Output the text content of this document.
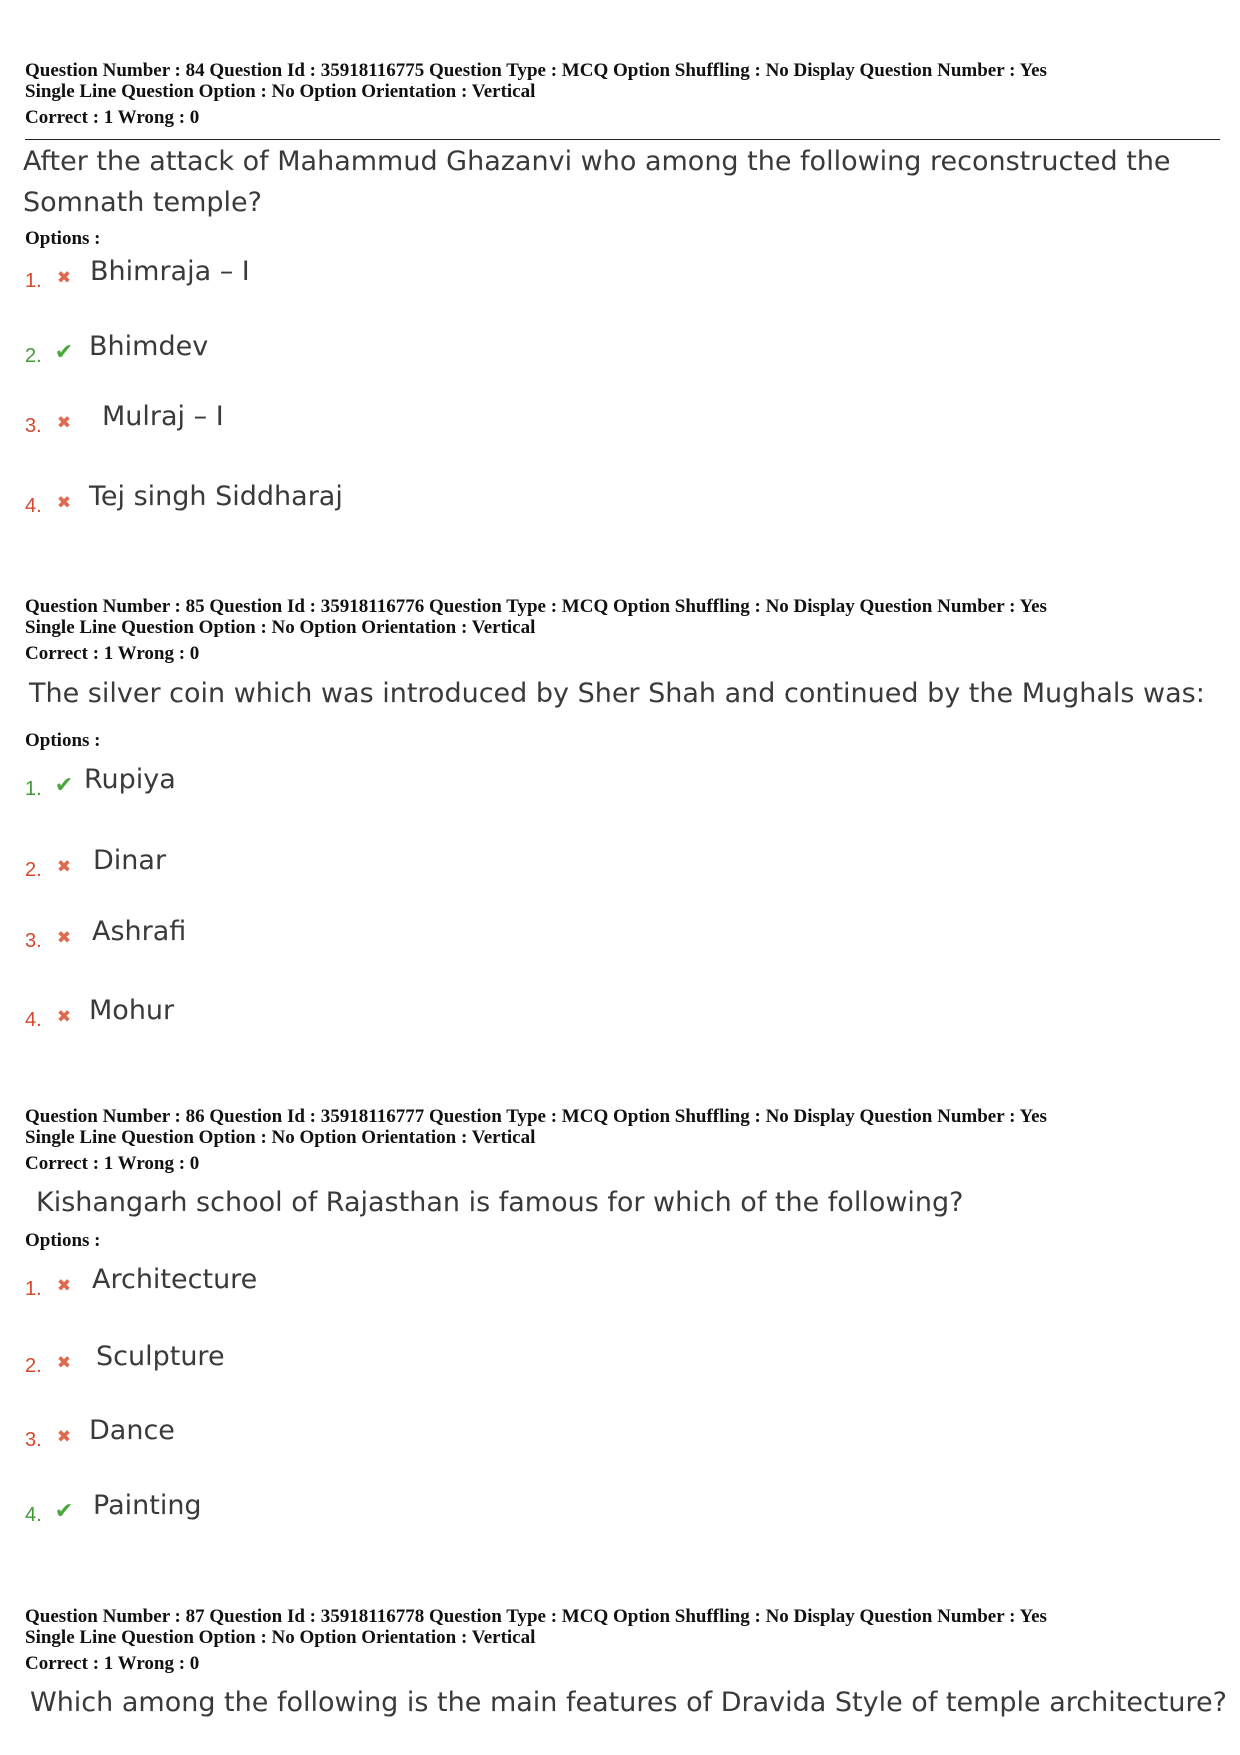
Question Number : 84 Question Id : 35918116775 Question Type : MCQ Option Shuffling : No Display Question Number : Yes
Single Line Question Option : No Option Orientation : Vertical
Correct : 1 Wrong : 0
After the attack of Mahammud Ghazanvi who among the following reconstructed the
Somnath temple?
Options :
1. ✖ Bhimraja – I
2. ✔ Bhimdev
3. ✖ Mulraj – I
4. ✖ Tej singh Siddharaj
Question Number : 85 Question Id : 35918116776 Question Type : MCQ Option Shuffling : No Display Question Number : Yes
Single Line Question Option : No Option Orientation : Vertical
Correct : 1 Wrong : 0
The silver coin which was introduced by Sher Shah and continued by the Mughals was:
Options :
1. ✔ Rupiya
2. ✖ Dinar
3. ✖ Ashrafi
4. ✖ Mohur
Question Number : 86 Question Id : 35918116777 Question Type : MCQ Option Shuffling : No Display Question Number : Yes
Single Line Question Option : No Option Orientation : Vertical
Correct : 1 Wrong : 0
Kishangarh school of Rajasthan is famous for which of the following?
Options :
1. ✖ Architecture
2. ✖ Sculpture
3. ✖ Dance
4. ✔ Painting
Question Number : 87 Question Id : 35918116778 Question Type : MCQ Option Shuffling : No Display Question Number : Yes
Single Line Question Option : No Option Orientation : Vertical
Correct : 1 Wrong : 0
Which among the following is the main features of Dravida Style of temple architecture?
